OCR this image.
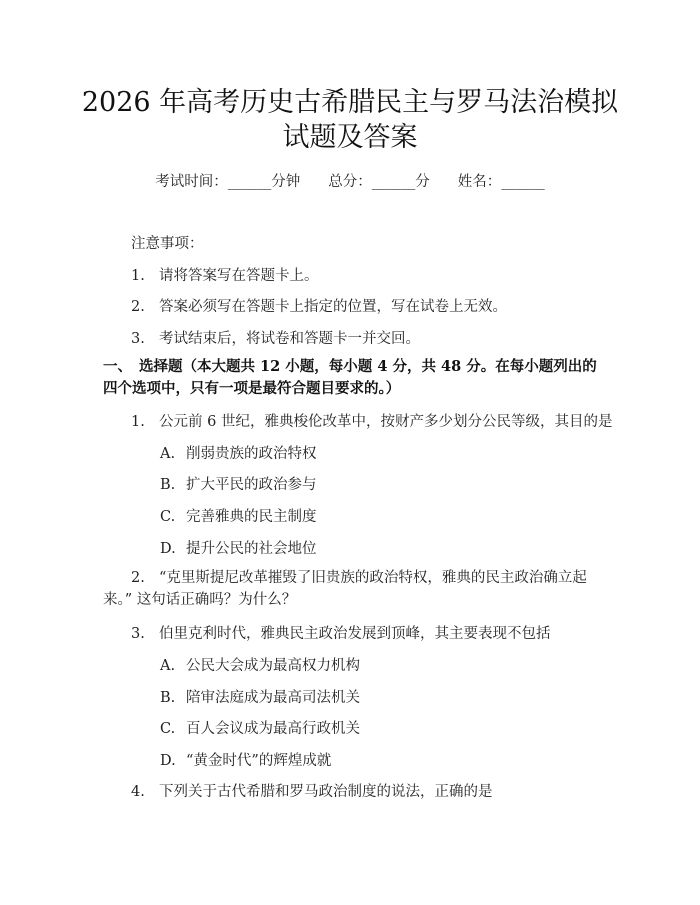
2026 年高考历史古希腊民主与罗马法治模拟
试题及答案
考试时间：______分钟 总分：______分 姓名：______
注意事项：
1. 请将答案写在答题卡上。
2. 答案必须写在答题卡上指定的位置，写在试卷上无效。
3. 考试结束后，将试卷和答题卡一并交回。
一、 选择题（本大题共 12 小题，每小题 4 分，共 48 分。在每小题列出的四个选项中，只有一项是最符合题目要求的。）
1. 公元前 6 世纪，雅典梭伦改革中，按财产多少划分公民等级，其目的是
A. 削弱贵族的政治特权
B. 扩大平民的政治参与
C. 完善雅典的民主制度
D. 提升公民的社会地位
2. “克里斯提尼改革摧毁了旧贵族的政治特权，雅典的民主政治确立起来。” 这句话正确吗？为什么？
3. 伯里克利时代，雅典民主政治发展到顶峰，其主要表现不包括
A. 公民大会成为最高权力机构
B. 陪审法庭成为最高司法机关
C. 百人会议成为最高行政机关
D. “黄金时代”的辉煌成就
4. 下列关于古代希腊和罗马政治制度的说法，正确的是
